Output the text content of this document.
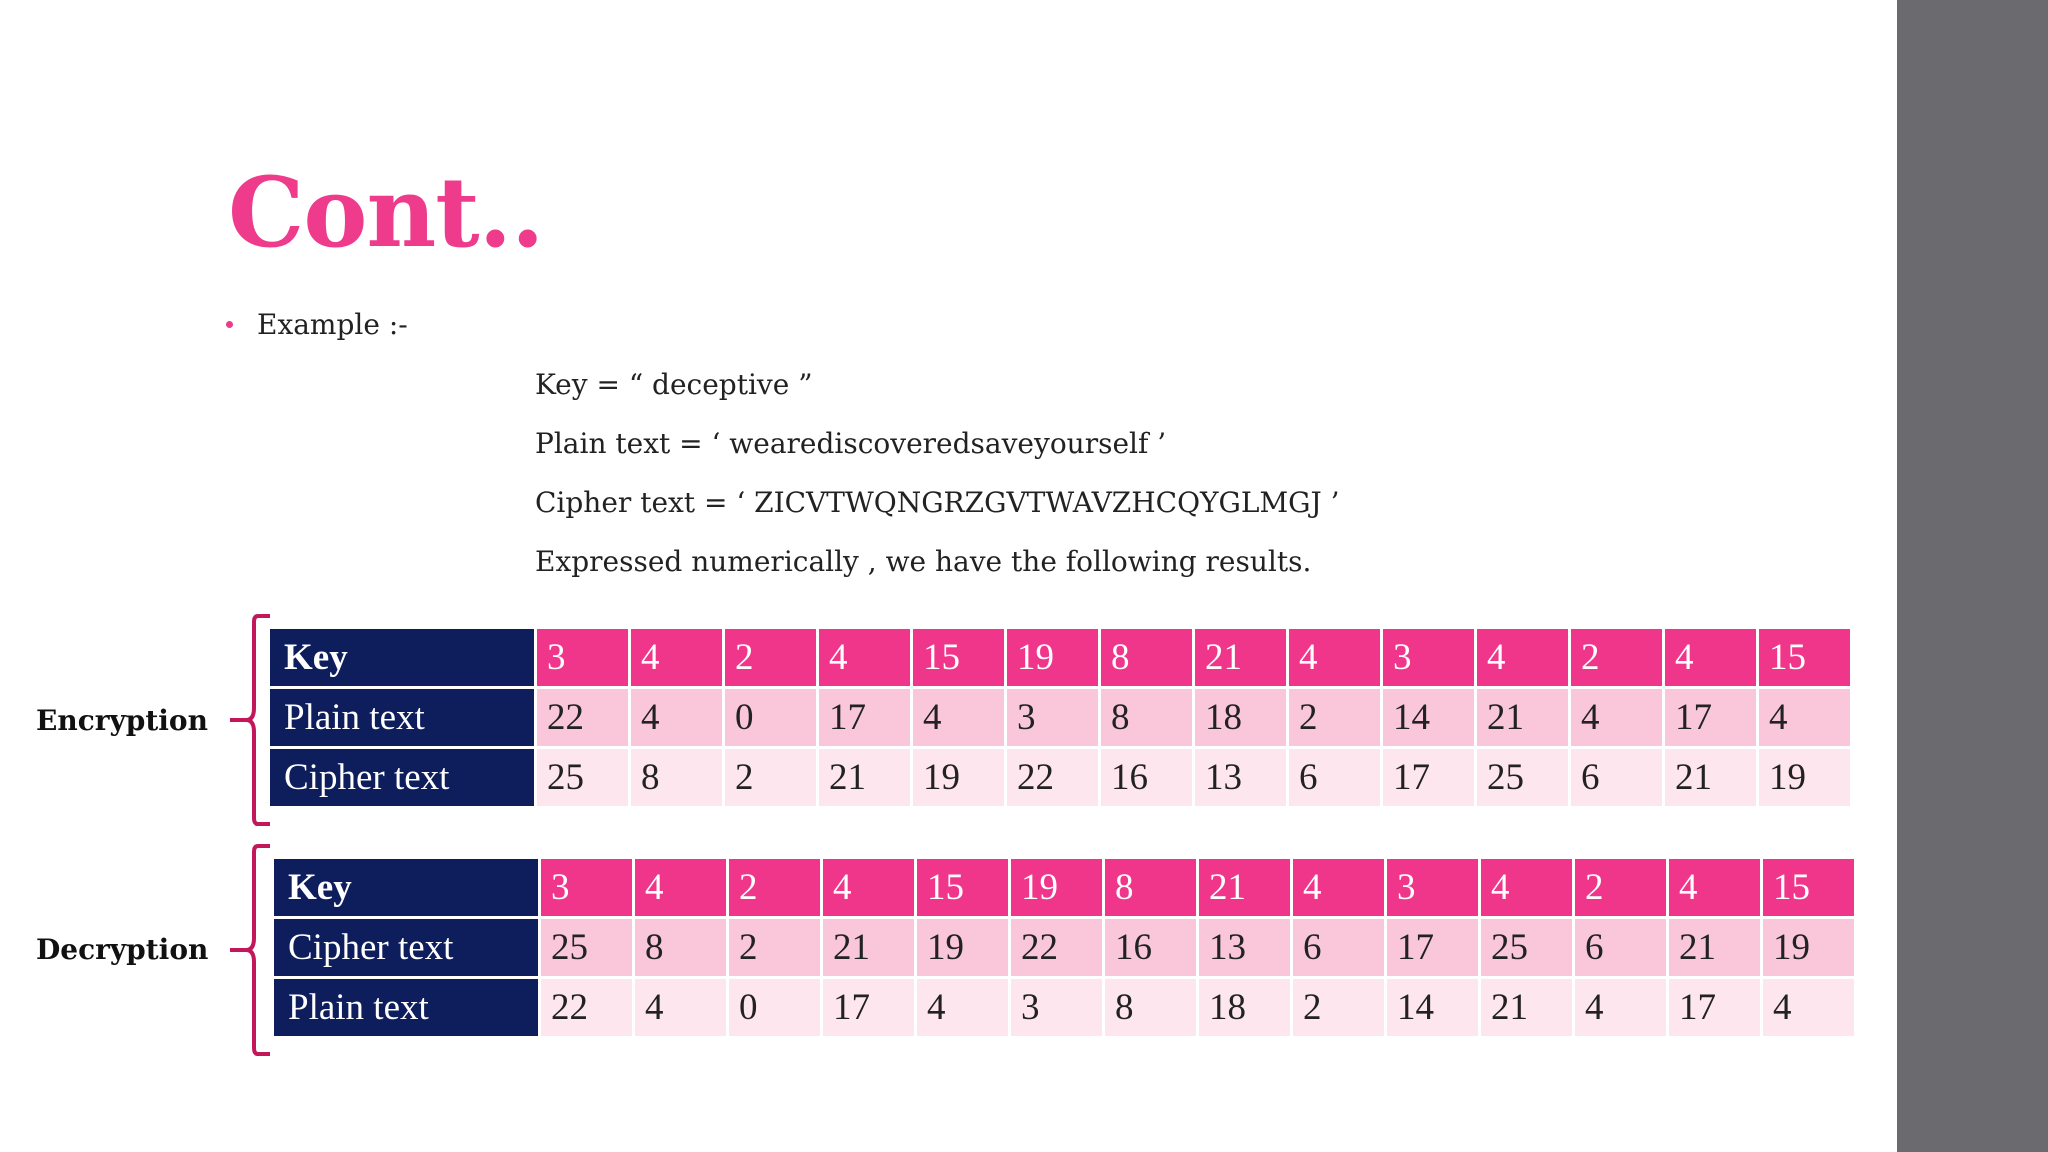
Cont..
Example :-
Key = “ deceptive ”
Plain text = ‘ wearediscoveredsaveyourself ’
Cipher text = ‘ ZICVTWQNGRZGVTWAVZHCQYGLMGJ ’
Expressed numerically , we have the following results.
Encryption
Key	3	4	2	4	15	19	8	21	4	3	4	2	4	15
Plain text	22	4	0	17	4	3	8	18	2	14	21	4	17	4
Cipher text	25	8	2	21	19	22	16	13	6	17	25	6	21	19
Decryption
Key	3	4	2	4	15	19	8	21	4	3	4	2	4	15
Cipher text	25	8	2	21	19	22	16	13	6	17	25	6	21	19
Plain text	22	4	0	17	4	3	8	18	2	14	21	4	17	4
